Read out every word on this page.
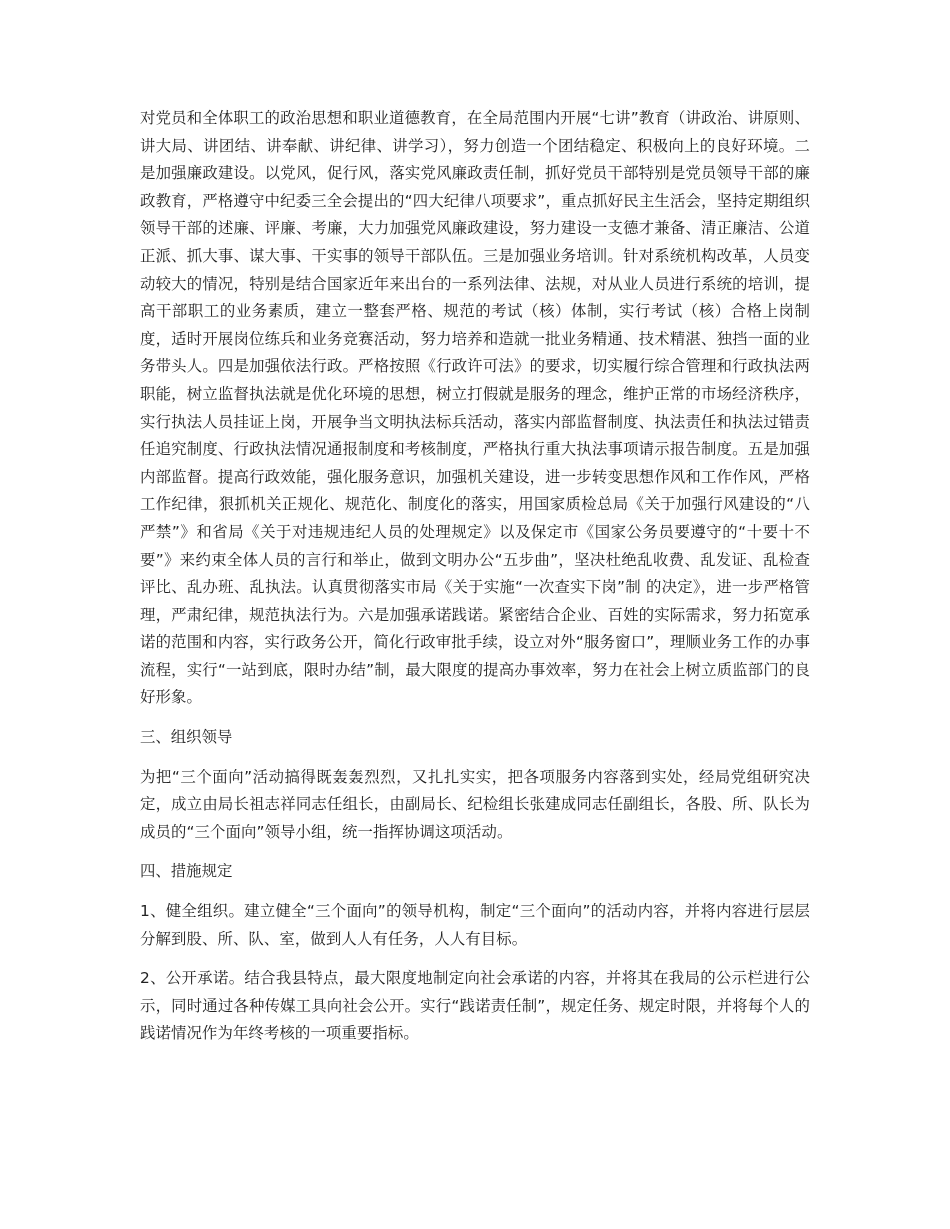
对党员和全体职工的政治思想和职业道德教育，在全局范围内开展“七讲”教育（讲政治、讲原则、讲大局、讲团结、讲奉献、讲纪律、讲学习），努力创造一个团结稳定、积极向上的良好环境。二是加强廉政建设。以党风，促行风，落实党风廉政责任制，抓好党员干部特别是党员领导干部的廉政教育，严格遵守中纪委三全会提出的“四大纪律八项要求”，重点抓好民主生活会，坚持定期组织领导干部的述廉、评廉、考廉，大力加强党风廉政建设，努力建设一支德才兼备、清正廉洁、公道正派、抓大事、谋大事、干实事的领导干部队伍。三是加强业务培训。针对系统机构改革，人员变动较大的情况，特别是结合国家近年来出台的一系列法律、法规，对从业人员进行系统的培训，提高干部职工的业务素质，建立一整套严格、规范的考试（核）体制，实行考试（核）合格上岗制度，适时开展岗位练兵和业务竞赛活动，努力培养和造就一批业务精通、技术精湛、独挡一面的业务带头人。四是加强依法行政。严格按照《行政许可法》的要求，切实履行综合管理和行政执法两职能，树立监督执法就是优化环境的思想，树立打假就是服务的理念，维护正常的市场经济秩序，实行执法人员挂证上岗，开展争当文明执法标兵活动，落实内部监督制度、执法责任和执法过错责任追究制度、行政执法情况通报制度和考核制度，严格执行重大执法事项请示报告制度。五是加强内部监督。提高行政效能，强化服务意识，加强机关建设，进一步转变思想作风和工作作风，严格工作纪律，狠抓机关正规化、规范化、制度化的落实，用国家质检总局《关于加强行风建设的“八严禁”》和省局《关于对违规违纪人员的处理规定》以及保定市《国家公务员要遵守的“十要十不要”》来约束全体人员的言行和举止，做到文明办公“五步曲”，坚决杜绝乱收费、乱发证、乱检查评比、乱办班、乱执法。认真贯彻落实市局《关于实施“一次查实下岗”制 的决定》，进一步严格管理，严肃纪律，规范执法行为。六是加强承诺践诺。紧密结合企业、百姓的实际需求，努力拓宽承诺的范围和内容，实行政务公开，简化行政审批手续，设立对外“服务窗口”，理顺业务工作的办事流程，实行“一站到底，限时办结”制，最大限度的提高办事效率，努力在社会上树立质监部门的良好形象。

三、组织领导

为把“三个面向”活动搞得既轰轰烈烈，又扎扎实实，把各项服务内容落到实处，经局党组研究决定，成立由局长祖志祥同志任组长，由副局长、纪检组长张建成同志任副组长，各股、所、队长为成员的“三个面向”领导小组，统一指挥协调这项活动。

四、措施规定

1、健全组织。建立健全“三个面向”的领导机构，制定“三个面向”的活动内容，并将内容进行层层分解到股、所、队、室，做到人人有任务，人人有目标。

2、公开承诺。结合我县特点，最大限度地制定向社会承诺的内容，并将其在我局的公示栏进行公示，同时通过各种传媒工具向社会公开。实行“践诺责任制”，规定任务、规定时限，并将每个人的践诺情况作为年终考核的一项重要指标。
